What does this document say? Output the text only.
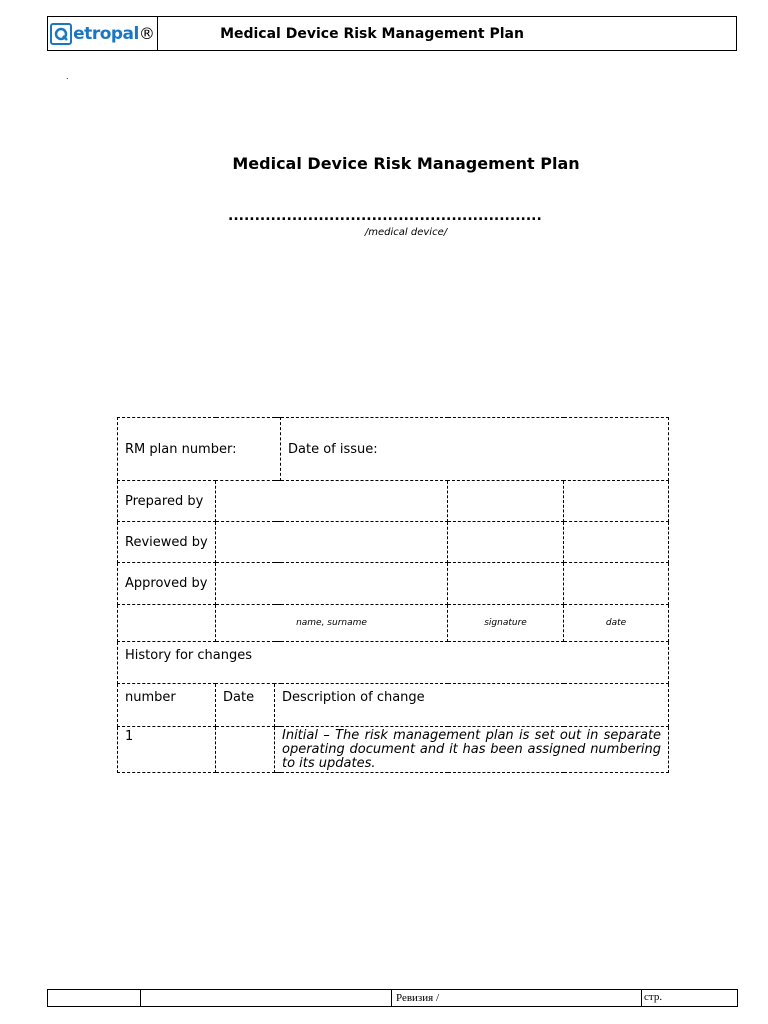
etropal ®	Medical Device Risk Management Plan
.
Medical Device Risk Management Plan
...........................................................
/medical device/
RM plan number:			Date of issue:		
Prepared by					
Reviewed by					
Approved by					
	name, surname			signature	date
History for changes					
number	Date	Description of change			
1		Initial – The risk management plan is set out in separate operating document and it has been assigned numbering to its updates.			
Ревизия /	стр.
